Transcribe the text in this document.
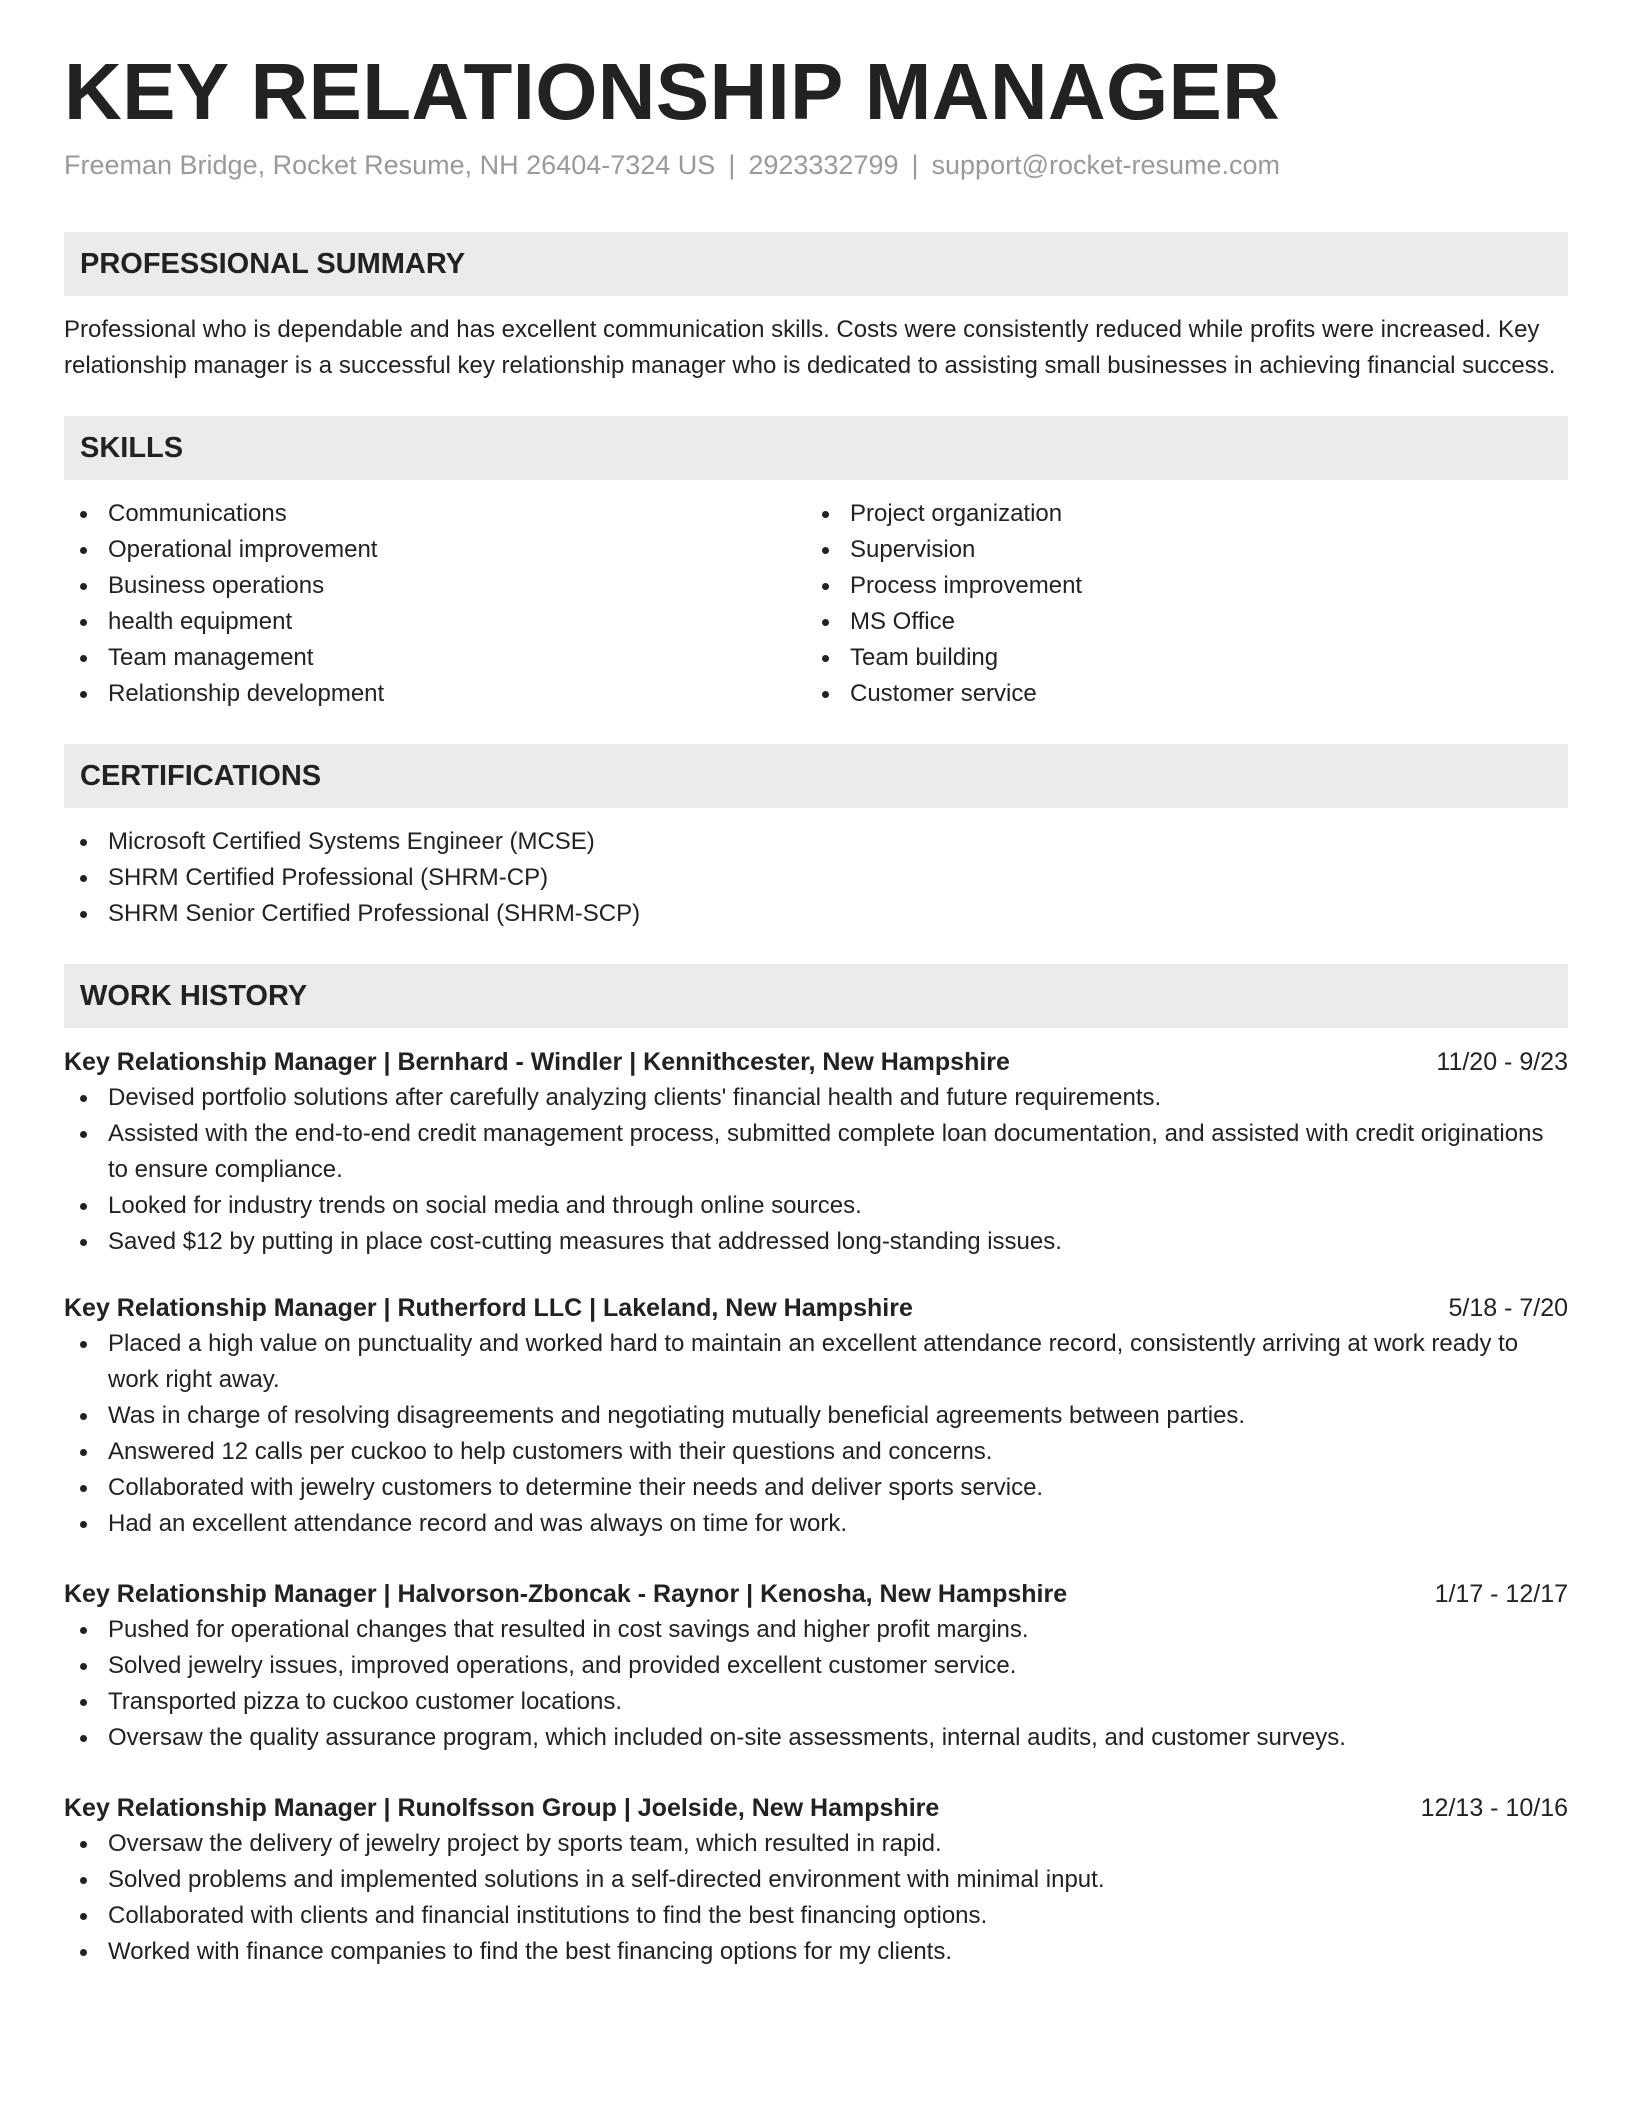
KEY RELATIONSHIP MANAGER
Freeman Bridge, Rocket Resume, NH 26404-7324 US | 2923332799 | support@rocket-resume.com
PROFESSIONAL SUMMARY
Professional who is dependable and has excellent communication skills. Costs were consistently reduced while profits were increased. Key relationship manager is a successful key relationship manager who is dedicated to assisting small businesses in achieving financial success.
SKILLS
Communications
Operational improvement
Business operations
health equipment
Team management
Relationship development
Project organization
Supervision
Process improvement
MS Office
Team building
Customer service
CERTIFICATIONS
Microsoft Certified Systems Engineer (MCSE)
SHRM Certified Professional (SHRM-CP)
SHRM Senior Certified Professional (SHRM-SCP)
WORK HISTORY
Key Relationship Manager | Bernhard - Windler | Kennithcester, New Hampshire	11/20 - 9/23
Devised portfolio solutions after carefully analyzing clients' financial health and future requirements.
Assisted with the end-to-end credit management process, submitted complete loan documentation, and assisted with credit originations to ensure compliance.
Looked for industry trends on social media and through online sources.
Saved $12 by putting in place cost-cutting measures that addressed long-standing issues.
Key Relationship Manager | Rutherford LLC | Lakeland, New Hampshire	5/18 - 7/20
Placed a high value on punctuality and worked hard to maintain an excellent attendance record, consistently arriving at work ready to work right away.
Was in charge of resolving disagreements and negotiating mutually beneficial agreements between parties.
Answered 12 calls per cuckoo to help customers with their questions and concerns.
Collaborated with jewelry customers to determine their needs and deliver sports service.
Had an excellent attendance record and was always on time for work.
Key Relationship Manager | Halvorson-Zboncak - Raynor | Kenosha, New Hampshire	1/17 - 12/17
Pushed for operational changes that resulted in cost savings and higher profit margins.
Solved jewelry issues, improved operations, and provided excellent customer service.
Transported pizza to cuckoo customer locations.
Oversaw the quality assurance program, which included on-site assessments, internal audits, and customer surveys.
Key Relationship Manager | Runolfsson Group | Joelside, New Hampshire	12/13 - 10/16
Oversaw the delivery of jewelry project by sports team, which resulted in rapid.
Solved problems and implemented solutions in a self-directed environment with minimal input.
Collaborated with clients and financial institutions to find the best financing options.
Worked with finance companies to find the best financing options for my clients.
